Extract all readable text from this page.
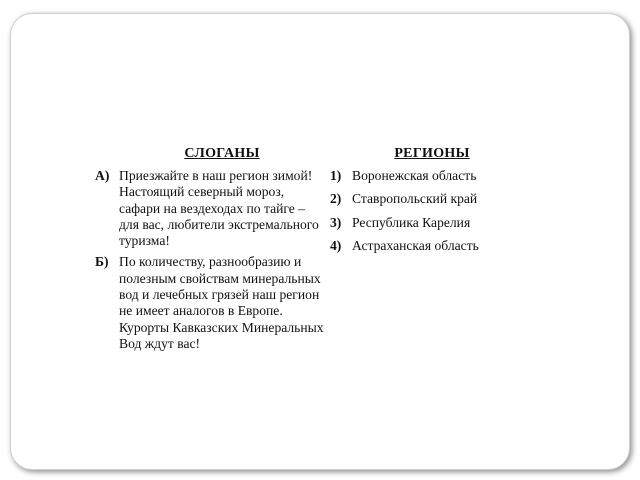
СЛОГАНЫ
А) Приезжайте в наш регион зимой! Настоящий северный мороз, сафари на вездеходах по тайге – для вас, любители экстремального туризма!
Б) По количеству, разнообразию и полезным свойствам минеральных вод и лечебных грязей наш регион не имеет аналогов в Европе. Курорты Кавказских Минеральных Вод ждут вас!
РЕГИОНЫ
1) Воронежская область
2) Ставропольский край
3) Республика Карелия
4) Астраханская область
